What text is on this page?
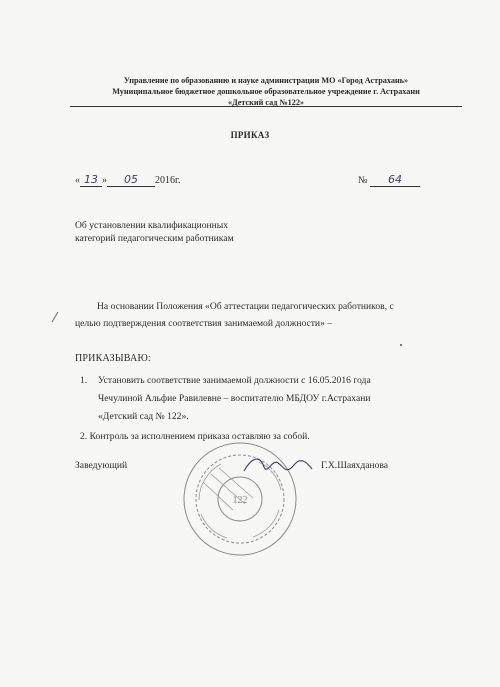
Управление по образованию и науке администрации МО «Город Астрахань»
Муниципальное бюджетное дошкольное образовательное учреждение г. Астрахани
«Детский сад №122»
ПРИКАЗ
« 13 » 05 2016г.	№ 64
Об установлении квалификационных
категорий педагогическим работникам
На основании Положения «Об аттестации педагогических работников, с
целью подтверждения соответствия занимаемой должности» –
ПРИКАЗЫВАЮ:
1. Установить соответствие занимаемой должности с 16.05.2016 года
Чечулиной Альфие Равилевне – воспитателю МБДОУ г.Астрахани
«Детский сад № 122».
2. Контроль за исполнением приказа оставляю за собой.
Заведующий	Г.Х.Шаяхданова
122
